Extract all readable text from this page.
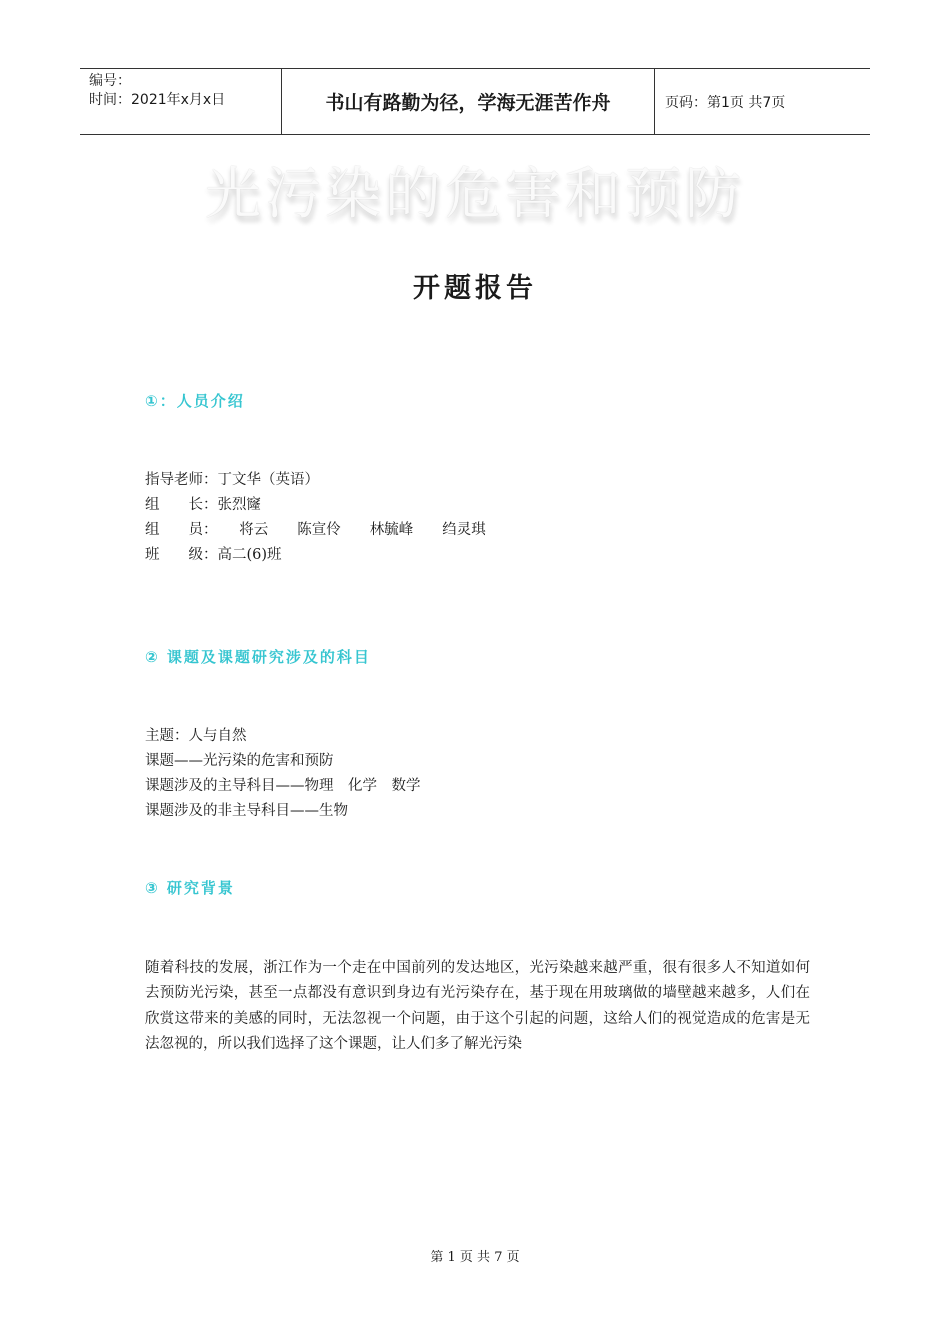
编号：
时间：2021年x月x日	书山有路勤为径，学海无涯苦作舟	页码：第1页 共7页
光污染的危害和预防
开题报告
①：人员介绍
指导老师：丁文华（英语）
组　　长：张烈窿
组　　员：　　将云　　陈宣伶　　林毓峰　　绉灵琪
班　　级：高二(6)班
② 课题及课题研究涉及的科目
主题：人与自然
课题——光污染的危害和预防
课题涉及的主导科目——物理　化学　数学
课题涉及的非主导科目——生物
③ 研究背景
随着科技的发展，浙江作为一个走在中国前列的发达地区，光污染越来越严重，很有很多人不知道如何去预防光污染，甚至一点都没有意识到身边有光污染存在，基于现在用玻璃做的墙壁越来越多，人们在欣赏这带来的美感的同时，无法忽视一个问题，由于这个引起的问题，这给人们的视觉造成的危害是无法忽视的，所以我们选择了这个课题，让人们多了解光污染
第 1 页 共 7 页
